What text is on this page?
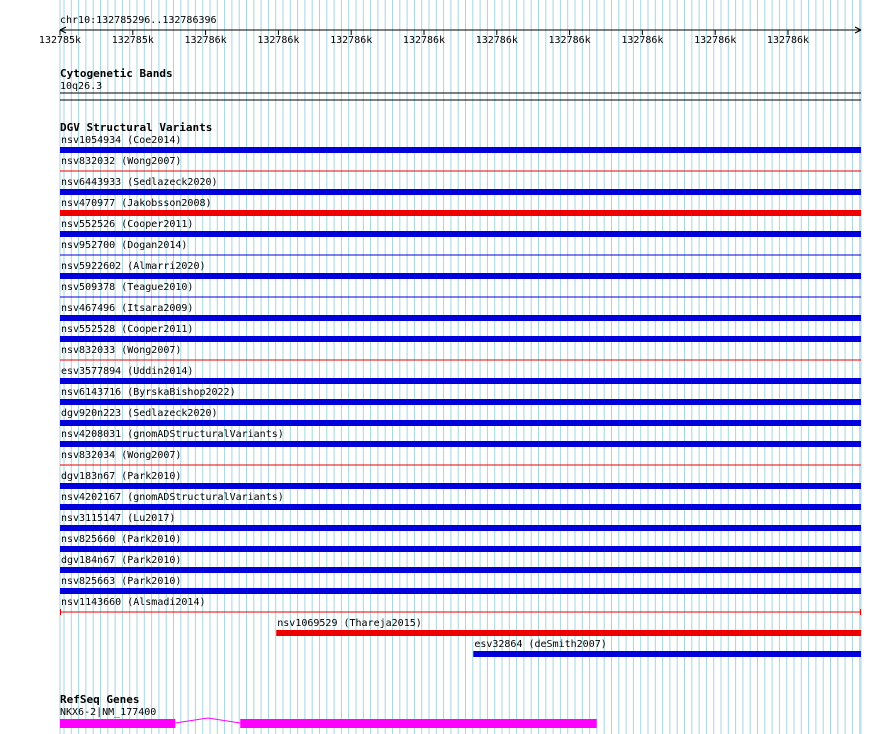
chr10:132785296..132786396
132785k	132785k	132786k	132786k	132786k	132786k	132786k	132786k	132786k	132786k	132786k
Cytogenetic Bands
10q26.3
DGV Structural Variants
nsv1054934 (Coe2014)
nsv832032 (Wong2007)
nsv6443933 (Sedlazeck2020)
nsv470977 (Jakobsson2008)
nsv552526 (Cooper2011)
nsv952700 (Dogan2014)
nsv5922602 (Almarri2020)
nsv509378 (Teague2010)
nsv467496 (Itsara2009)
nsv552528 (Cooper2011)
nsv832033 (Wong2007)
esv3577894 (Uddin2014)
nsv6143716 (ByrskaBishop2022)
dgv920n223 (Sedlazeck2020)
nsv4208031 (gnomADStructuralVariants)
nsv832034 (Wong2007)
dgv183n67 (Park2010)
nsv4202167 (gnomADStructuralVariants)
nsv3115147 (Lu2017)
nsv825660 (Park2010)
dgv184n67 (Park2010)
nsv825663 (Park2010)
nsv1143660 (Alsmadi2014)
nsv1069529 (Thareja2015)
esv32864 (deSmith2007)
RefSeq Genes
NKX6-2|NM_177400
